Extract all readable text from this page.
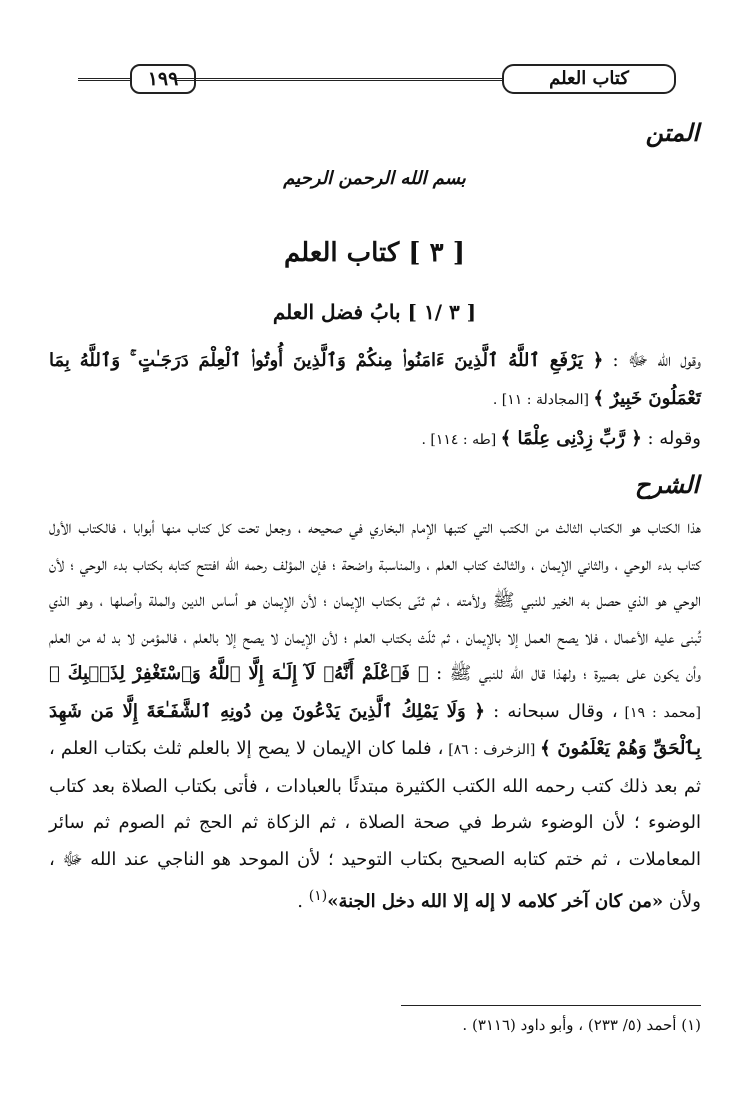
١٩٩	كتاب العلم
المتن
بسم الله الرحمن الرحيم
[ ٣ ] كتاب العلم
[ ٣ /١ ] بابُ فضل العلم
وقول الله ﷻ : ﴿ يَرْفَعِ ٱللَّهُ ٱلَّذِينَ ءَامَنُوا۟ مِنكُمْ وَٱلَّذِينَ أُوتُوا۟ ٱلْعِلْمَ دَرَجَـٰتٍ ۚ وَٱللَّهُ بِمَا تَعْمَلُونَ خَبِيرٌ ﴾ [المجادلة : ١١] .
وقوله : ﴿ رَّبِّ زِدْنِى عِلْمًا ﴾ [طه : ١١٤] .
الشرح
هذا الكتاب هو الكتاب الثالث من الكتب التي كتبها الإمام البخاري في صحيحه ، وجعل تحت كل كتاب منها أبوابا ، فالكتاب الأول كتاب بدء الوحي ، والثاني الإيمان ، والثالث كتاب العلم ، والمناسبة واضحة ؛ فإن المؤلف رحمه الله افتتح كتابه بكتاب بدء الوحي ؛ لأن الوحي هو الذي حصل به الخير للنبي ﷺ ولأمته ، ثم ثنّى بكتاب الإيمان ؛ لأن الإيمان هو أساس الدين والملة وأصلها ، وهو الذي تُبنى عليه الأعمال ، فلا يصح العمل إلا بالإيمان ، ثم ثلّث بكتاب العلم ؛ لأن الإيمان لا يصح إلا بالعلم ، فالمؤمن لا بد له من العلم وأن يكون على بصيرة ؛ ولهذا قال الله للنبي ﷺ : ﴿ فَٱعْلَمْ أَنَّهُۥ لَآ إِلَـٰهَ إِلَّا ٱللَّهُ وَٱسْتَغْفِرْ لِذَنۢبِكَ ﴾ [محمد : ١٩] ، وقال سبحانه : ﴿ وَلَا يَمْلِكُ ٱلَّذِينَ يَدْعُونَ مِن دُونِهِ ٱلشَّفَـٰعَةَ إِلَّا مَن شَهِدَ بِٱلْحَقِّ وَهُمْ يَعْلَمُونَ ﴾ [الزخرف : ٨٦] ، فلما كان الإيمان لا يصح إلا بالعلم ثلث بكتاب العلم ، ثم بعد ذلك كتب رحمه الله الكتب الكثيرة مبتدئًا بالعبادات ، فأتى بكتاب الصلاة بعد كتاب الوضوء ؛ لأن الوضوء شرط في صحة الصلاة ، ثم الزكاة ثم الحج ثم الصوم ثم سائر المعاملات ، ثم ختم كتابه الصحيح بكتاب التوحيد ؛ لأن الموحد هو الناجي عند الله ﷻ ، ولأن «من كان آخر كلامه لا إله إلا الله دخل الجنة»$^{(١)}$ .
(١) أحمد (٥/ ٢٣٣) ، وأبو داود (٣١١٦) .
